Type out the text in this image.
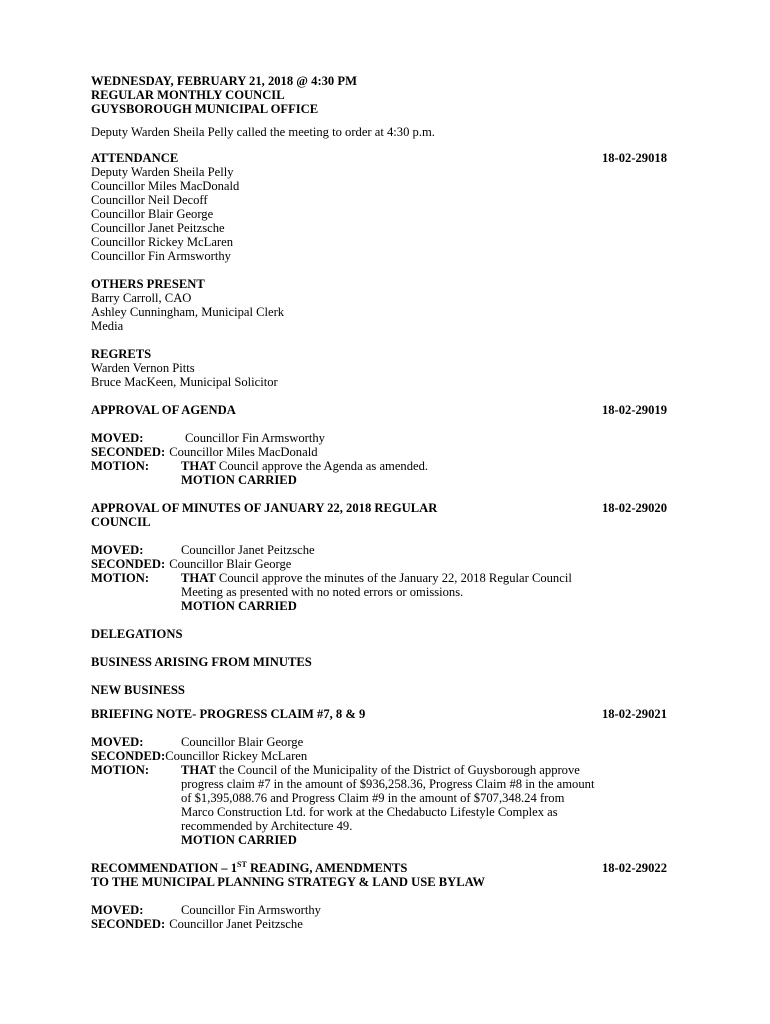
WEDNESDAY, FEBRUARY 21, 2018 @ 4:30 PM
REGULAR MONTHLY COUNCIL
GUYSBOROUGH MUNICIPAL OFFICE
Deputy Warden Sheila Pelly called the meeting to order at 4:30 p.m.
ATTENDANCE	18-02-29018
Deputy Warden Sheila Pelly
Councillor Miles MacDonald
Councillor Neil Decoff
Councillor Blair George
Councillor Janet Peitzsche
Councillor Rickey McLaren
Councillor Fin Armsworthy
OTHERS PRESENT
Barry Carroll, CAO
Ashley Cunningham, Municipal Clerk
Media
REGRETS
Warden Vernon Pitts
Bruce MacKeen, Municipal Solicitor
APPROVAL OF AGENDA	18-02-29019
MOVED:	Councillor Fin Armsworthy
SECONDED: Councillor Miles MacDonald
MOTION:	THAT Council approve the Agenda as amended.
MOTION CARRIED
APPROVAL OF MINUTES OF JANUARY 22, 2018 REGULAR	18-02-29020
COUNCIL
MOVED:	Councillor Janet Peitzsche
SECONDED: Councillor Blair George
MOTION:	THAT Council approve the minutes of the January 22, 2018 Regular Council
Meeting as presented with no noted errors or omissions.
MOTION CARRIED
DELEGATIONS
BUSINESS ARISING FROM MINUTES
NEW BUSINESS
BRIEFING NOTE- PROGRESS CLAIM #7, 8 & 9	18-02-29021
MOVED:	Councillor Blair George
SECONDED: Councillor Rickey McLaren
MOTION:	THAT the Council of the Municipality of the District of Guysborough approve
progress claim #7 in the amount of $936,258.36, Progress Claim #8 in the amount
of $1,395,088.76 and Progress Claim #9 in the amount of $707,348.24 from
Marco Construction Ltd. for work at the Chedabucto Lifestyle Complex as
recommended by Architecture 49.
MOTION CARRIED
RECOMMENDATION – 1ST READING, AMENDMENTS	18-02-29022
TO THE MUNICIPAL PLANNING STRATEGY & LAND USE BYLAW
MOVED:	Councillor Fin Armsworthy
SECONDED: Councillor Janet Peitzsche
